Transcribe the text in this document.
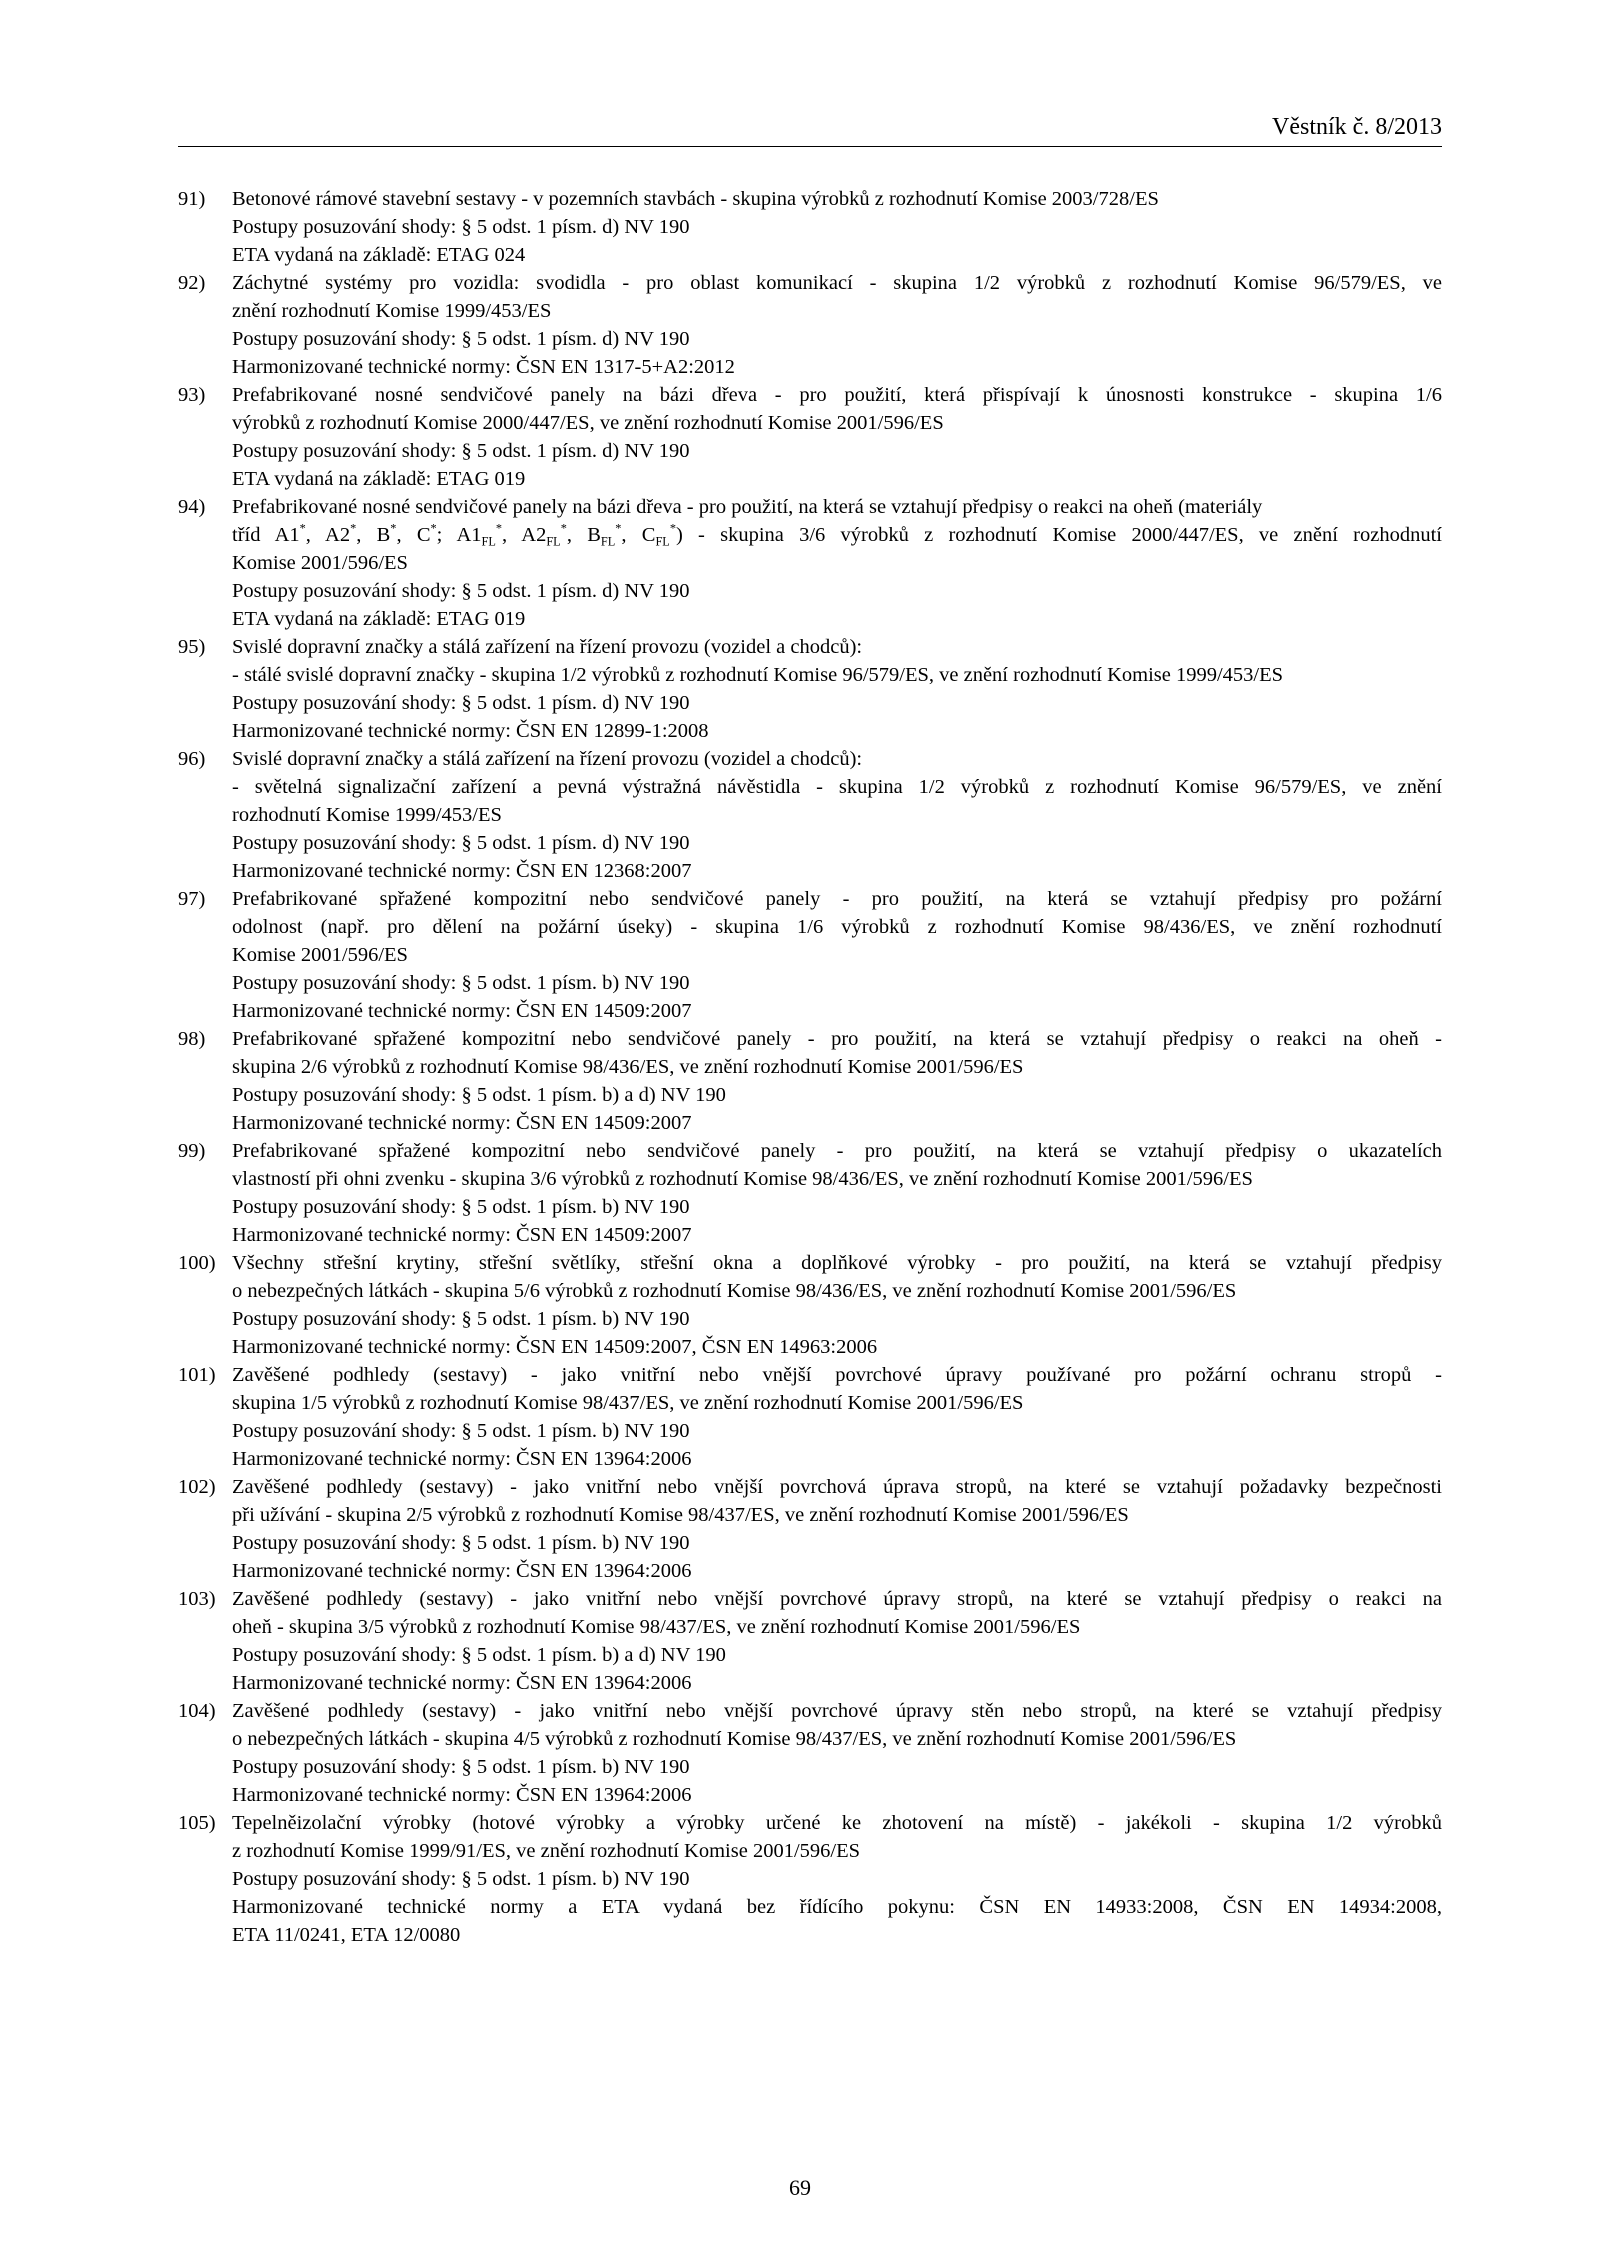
Věstník č. 8/2013
91) Betonové rámové stavební sestavy - v pozemních stavbách - skupina výrobků z rozhodnutí Komise 2003/728/ES
Postupy posuzování shody: § 5 odst. 1 písm. d) NV 190
ETA vydaná na základě: ETAG 024
92) Záchytné systémy pro vozidla: svodidla - pro oblast komunikací - skupina 1/2 výrobků z rozhodnutí Komise 96/579/ES, ve
znění rozhodnutí Komise 1999/453/ES
Postupy posuzování shody: § 5 odst. 1 písm. d) NV 190
Harmonizované technické normy: ČSN EN 1317-5+A2:2012
93) Prefabrikované nosné sendvičové panely na bázi dřeva - pro použití, která přispívají k únosnosti konstrukce - skupina 1/6
výrobků z rozhodnutí Komise 2000/447/ES, ve znění rozhodnutí Komise 2001/596/ES
Postupy posuzování shody: § 5 odst. 1 písm. d) NV 190
ETA vydaná na základě: ETAG 019
94) Prefabrikované nosné sendvičové panely na bázi dřeva - pro použití, na která se vztahují předpisy o reakci na oheň (materiály
tříd A1*, A2*, B*, C*; $A1_{FL}^*$, $A2_{FL}^*$, $B_{FL}^*$, $C_{FL}^*$) - skupina 3/6 výrobků z rozhodnutí Komise 2000/447/ES, ve znění rozhodnutí
Komise 2001/596/ES
Postupy posuzování shody: § 5 odst. 1 písm. d) NV 190
ETA vydaná na základě: ETAG 019
95) Svislé dopravní značky a stálá zařízení na řízení provozu (vozidel a chodců):
- stálé svislé dopravní značky - skupina 1/2 výrobků z rozhodnutí Komise 96/579/ES, ve znění rozhodnutí Komise 1999/453/ES
Postupy posuzování shody: § 5 odst. 1 písm. d) NV 190
Harmonizované technické normy: ČSN EN 12899-1:2008
96) Svislé dopravní značky a stálá zařízení na řízení provozu (vozidel a chodců):
- světelná signalizační zařízení a pevná výstražná návěstidla - skupina 1/2 výrobků z rozhodnutí Komise 96/579/ES, ve znění
rozhodnutí Komise 1999/453/ES
Postupy posuzování shody: § 5 odst. 1 písm. d) NV 190
Harmonizované technické normy: ČSN EN 12368:2007
97) Prefabrikované spřažené kompozitní nebo sendvičové panely - pro použití, na která se vztahují předpisy pro požární
odolnost (např. pro dělení na požární úseky) - skupina 1/6 výrobků z rozhodnutí Komise 98/436/ES, ve znění rozhodnutí
Komise 2001/596/ES
Postupy posuzování shody: § 5 odst. 1 písm. b) NV 190
Harmonizované technické normy: ČSN EN 14509:2007
98) Prefabrikované spřažené kompozitní nebo sendvičové panely - pro použití, na která se vztahují předpisy o reakci na oheň -
skupina 2/6 výrobků z rozhodnutí Komise 98/436/ES, ve znění rozhodnutí Komise 2001/596/ES
Postupy posuzování shody: § 5 odst. 1 písm. b) a d) NV 190
Harmonizované technické normy: ČSN EN 14509:2007
99) Prefabrikované spřažené kompozitní nebo sendvičové panely - pro použití, na která se vztahují předpisy o ukazatelích
vlastností při ohni zvenku - skupina 3/6 výrobků z rozhodnutí Komise 98/436/ES, ve znění rozhodnutí Komise 2001/596/ES
Postupy posuzování shody: § 5 odst. 1 písm. b) NV 190
Harmonizované technické normy: ČSN EN 14509:2007
100) Všechny střešní krytiny, střešní světlíky, střešní okna a doplňkové výrobky - pro použití, na která se vztahují předpisy
o nebezpečných látkách - skupina 5/6 výrobků z rozhodnutí Komise 98/436/ES, ve znění rozhodnutí Komise 2001/596/ES
Postupy posuzování shody: § 5 odst. 1 písm. b) NV 190
Harmonizované technické normy: ČSN EN 14509:2007, ČSN EN 14963:2006
101) Zavěšené podhledy (sestavy) - jako vnitřní nebo vnější povrchové úpravy používané pro požární ochranu stropů -
skupina 1/5 výrobků z rozhodnutí Komise 98/437/ES, ve znění rozhodnutí Komise 2001/596/ES
Postupy posuzování shody: § 5 odst. 1 písm. b) NV 190
Harmonizované technické normy: ČSN EN 13964:2006
102) Zavěšené podhledy (sestavy) - jako vnitřní nebo vnější povrchová úprava stropů, na které se vztahují požadavky bezpečnosti
při užívání - skupina 2/5 výrobků z rozhodnutí Komise 98/437/ES, ve znění rozhodnutí Komise 2001/596/ES
Postupy posuzování shody: § 5 odst. 1 písm. b) NV 190
Harmonizované technické normy: ČSN EN 13964:2006
103) Zavěšené podhledy (sestavy) - jako vnitřní nebo vnější povrchové úpravy stropů, na které se vztahují předpisy o reakci na
oheň - skupina 3/5 výrobků z rozhodnutí Komise 98/437/ES, ve znění rozhodnutí Komise 2001/596/ES
Postupy posuzování shody: § 5 odst. 1 písm. b) a d) NV 190
Harmonizované technické normy: ČSN EN 13964:2006
104) Zavěšené podhledy (sestavy) - jako vnitřní nebo vnější povrchové úpravy stěn nebo stropů, na které se vztahují předpisy
o nebezpečných látkách - skupina 4/5 výrobků z rozhodnutí Komise 98/437/ES, ve znění rozhodnutí Komise 2001/596/ES
Postupy posuzování shody: § 5 odst. 1 písm. b) NV 190
Harmonizované technické normy: ČSN EN 13964:2006
105) Tepelněizolační výrobky (hotové výrobky a výrobky určené ke zhotovení na místě) - jakékoli - skupina 1/2 výrobků
z rozhodnutí Komise 1999/91/ES, ve znění rozhodnutí Komise 2001/596/ES
Postupy posuzování shody: § 5 odst. 1 písm. b) NV 190
Harmonizované technické normy a ETA vydaná bez řídícího pokynu: ČSN EN 14933:2008, ČSN EN 14934:2008,
ETA 11/0241, ETA 12/0080
69
